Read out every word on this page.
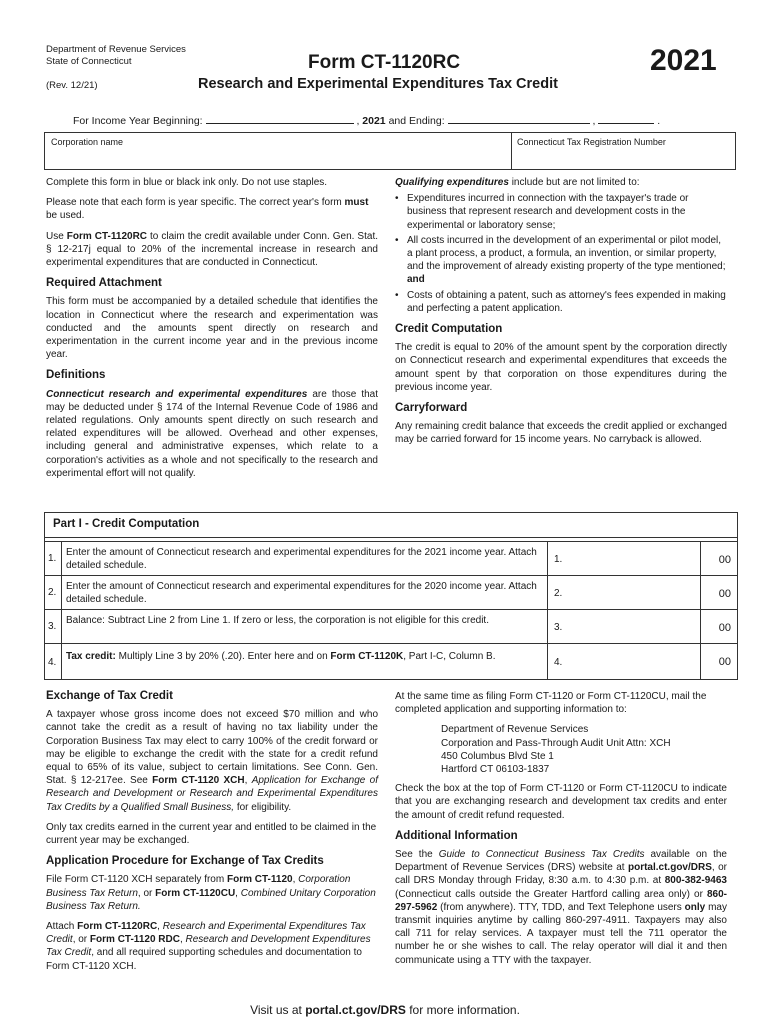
Department of Revenue Services
State of Connecticut
(Rev. 12/21)
Form CT-1120RC
Research and Experimental Expenditures Tax Credit
2021
For Income Year Beginning:	, 2021 and Ending:	,	.
Corporation name	Connecticut Tax Registration Number

Complete this form in blue or black ink only. Do not use staples.

Please note that each form is year specific. The correct year's form must be used.

Use Form CT-1120RC to claim the credit available under Conn. Gen. Stat. § 12-217j equal to 20% of the incremental increase in research and experimental expenditures that are conducted in Connecticut.

Required Attachment

This form must be accompanied by a detailed schedule that identifies the location in Connecticut where the research and experimentation was conducted and the amounts spent directly on research and experimentation in the current income year and in the previous income year.

Definitions

Connecticut research and experimental expenditures are those that may be deducted under § 174 of the Internal Revenue Code of 1986 and related regulations. Only amounts spent directly on such research and related expenditures will be allowed. Overhead and other expenses, including general and administrative expenses, which relate to a corporation's activities as a whole and not specifically to the research and experimental effort will not qualify.

Qualifying expenditures include but are not limited to:

• Expenditures incurred in connection with the taxpayer's trade or business that represent research and development costs in the experimental or laboratory sense;
• All costs incurred in the development of an experimental or pilot model, a plant process, a product, a formula, an invention, or similar property, and the improvement of already existing property of the type mentioned; and
• Costs of obtaining a patent, such as attorney's fees expended in making and perfecting a patent application.
Credit Computation

The credit is equal to 20% of the amount spent by the corporation directly on Connecticut research and experimental expenditures that exceeds the amount spent by that corporation on those expenditures during the previous income year.

Carryforward

Any remaining credit balance that exceeds the credit applied or exchanged may be carried forward for 15 income years. No carryback is allowed.

Part I - Credit Computation
1.
Enter the amount of Connecticut research and experimental expenditures for the 2021 income year. Attach detailed schedule.
1.	00
2.
Enter the amount of Connecticut research and experimental expenditures for the 2020 income year. Attach detailed schedule.
2.	00
3.
Balance: Subtract Line 2 from Line 1. If zero or less, the corporation is not eligible for this credit.
3.	00
4.
Tax credit: Multiply Line 3 by 20% (.20). Enter here and on Form CT-1120K, Part I-C, Column B.
4.	00
Exchange of Tax Credit

A taxpayer whose gross income does not exceed $70 million and who cannot take the credit as a result of having no tax liability under the Corporation Business Tax may elect to carry 100% of the credit forward or may be eligible to exchange the credit with the state for a credit refund equal to 65% of its value, subject to certain limitations. See Conn. Gen. Stat. § 12-217ee. See Form CT-1120 XCH, Application for Exchange of Research and Development or Research and Experimental Expenditures Tax Credits by a Qualified Small Business, for eligibility.

Only tax credits earned in the current year and entitled to be claimed in the current year may be exchanged.

Application Procedure for Exchange of Tax Credits

File Form CT-1120 XCH separately from Form CT-1120, Corporation Business Tax Return, or Form CT-1120CU, Combined Unitary Corporation Business Tax Return.

Attach Form CT-1120RC, Research and Experimental Expenditures Tax Credit, or Form CT-1120 RDC, Research and Development Expenditures Tax Credit, and all required supporting schedules and documentation to Form CT-1120 XCH.

At the same time as filing Form CT-1120 or Form CT-1120CU, mail the completed application and supporting information to:

Department of Revenue Services
Corporation and Pass-Through Audit Unit Attn: XCH
450 Columbus Blvd Ste 1
Hartford CT 06103-1837

Check the box at the top of Form CT-1120 or Form CT-1120CU to indicate that you are exchanging research and development tax credits and enter the amount of credit refund requested.

Additional Information

See the Guide to Connecticut Business Tax Credits available on the Department of Revenue Services (DRS) website at portal.ct.gov/DRS, or call DRS Monday through Friday, 8:30 a.m. to 4:30 p.m. at 800-382-9463 (Connecticut calls outside the Greater Hartford calling area only) or 860-297-5962 (from anywhere). TTY, TDD, and Text Telephone users only may transmit inquiries anytime by calling 860-297-4911. Taxpayers may also call 711 for relay services. A taxpayer must tell the 711 operator the number he or she wishes to call. The relay operator will dial it and then communicate using a TTY with the taxpayer.

Visit us at portal.ct.gov/DRS for more information.
